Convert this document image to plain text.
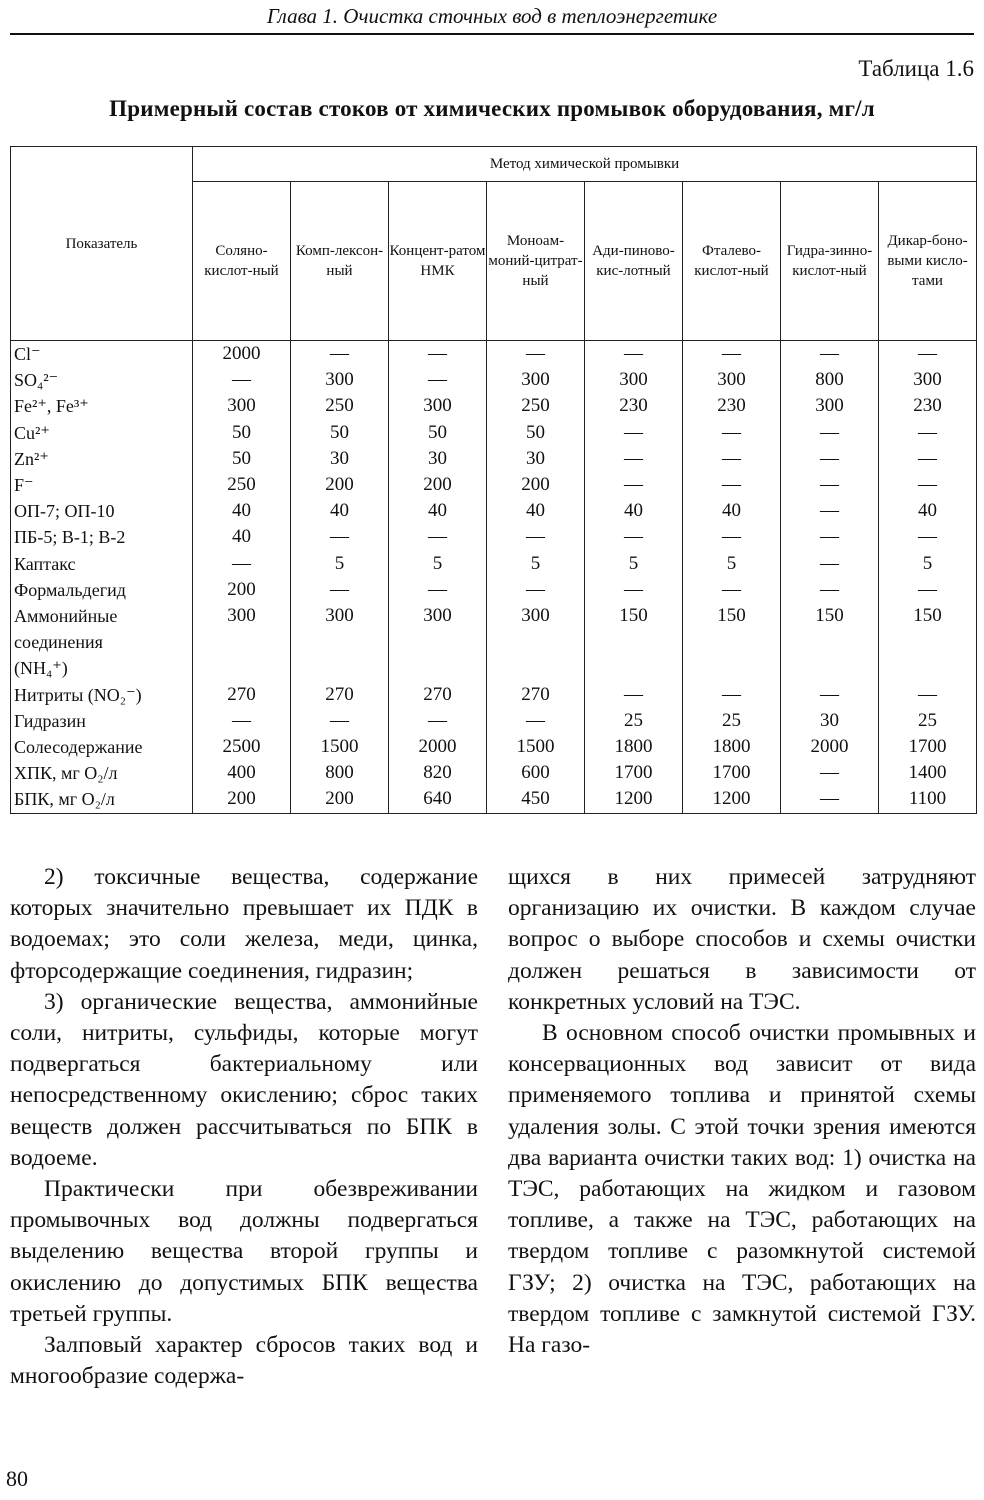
Глава 1. Очистка сточных вод в теплоэнергетике
Таблица 1.6
Примерный состав стоков от химических промывок оборудования, мг/л
Показатель	Метод химической промывки							
	Соляно-кислот-ный	Комп-лексон-ный	Концент-ратом НМК	Моноам-моний-цитрат-ный	Ади-пиново-кис-лотный	Фталево-кислот-ный	Гидра-зинно-кислот-ный	Дикар-боно-выми кисло-тами
Cl⁻	2000	—	—	—	—	—	—	—
SO₄²⁻	—	300	—	300	300	300	800	300
Fe²⁺, Fe³⁺	300	250	300	250	230	230	300	230
Cu²⁺	50	50	50	50	—	—	—	—
Zn²⁺	50	30	30	30	—	—	—	—
F⁻	250	200	200	200	—	—	—	—
ОП-7; ОП-10	40	40	40	40	40	40	—	40
ПБ-5; В-1; В-2	40	—	—	—	—	—	—	—
Каптакс	—	5	5	5	5	5	—	5
Формальдегид	200	—	—	—	—	—	—	—
Аммонийные	300	300	300	300	150	150	150	150
соединения								
(NH₄⁺)								
Нитриты (NO₂⁻)	270	270	270	270	—	—	—	—
Гидразин	—	—	—	—	25	25	30	25
Солесодержание	2500	1500	2000	1500	1800	1800	2000	1700
ХПК, мг O₂/л	400	800	820	600	1700	1700	—	1400
БПК, мг O₂/л	200	200	640	450	1200	1200	—	1100

2) токсичные вещества, содержание которых значительно превышает их ПДК в водоемах; это соли железа, меди, цинка, фторсодержащие соединения, гидразин;

3) органические вещества, аммонийные соли, нитриты, сульфиды, которые могут подвергаться бактериальному или непосредственному окислению; сброс таких веществ должен рассчитываться по БПК в водоеме.

Практически при обезвреживании промывочных вод должны подвергаться выделению вещества второй группы и окислению до допустимых БПК вещества третьей группы.

Залповый характер сбросов таких вод и многообразие содержа-

щихся в них примесей затрудняют организацию их очистки. В каждом случае вопрос о выборе способов и схемы очистки должен решаться в зависимости от конкретных условий на ТЭС.

В основном способ очистки промывных и консервационных вод зависит от вида применяемого топлива и принятой схемы удаления золы. С этой точки зрения имеются два варианта очистки таких вод: 1) очистка на ТЭС, работающих на жидком и газовом топливе, а также на ТЭС, работающих на твердом топливе с разомкнутой системой ГЗУ; 2) очистка на ТЭС, работающих на твердом топливе с замкнутой системой ГЗУ. На газо-

80
